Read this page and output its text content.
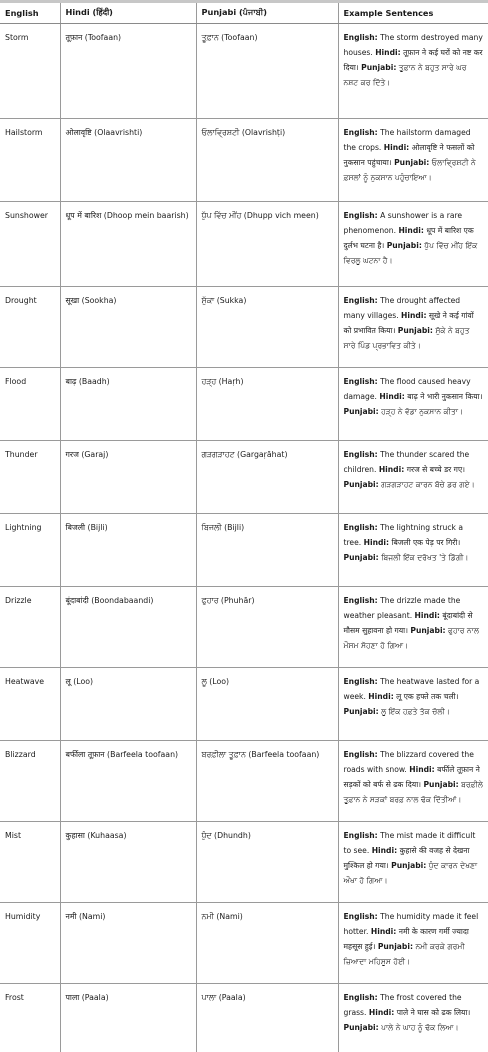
English	Hindi (हिंदी)	Punjabi (ਪੰਜਾਬੀ)	Example Sentences
Storm	तूफ़ान (Toofaan)	ਤੂਫ਼ਾਨ (Toofaan)	English: The storm destroyed many houses. Hindi: तूफ़ान ने कई घरों को नष्ट कर दिया। Punjabi: ਤੂਫ਼ਾਨ ਨੇ ਬਹੁਤ ਸਾਰੇ ਘਰ ਨਸ਼ਟ ਕਰ ਦਿੱਤੇ।
Hailstorm	ओलावृष्टि (Olaavrishti)	ਓਲਾਵ੍ਰਿਸ਼ਟੀ (Olavrishṭi)	English: The hailstorm damaged the crops. Hindi: ओलावृष्टि ने फसलों को नुकसान पहुंचाया। Punjabi: ਓਲਾਵ੍ਰਿਸ਼ਟੀ ਨੇ ਫ਼ਸਲਾਂ ਨੂੰ ਨੁਕਸਾਨ ਪਹੁੰਚਾਇਆ।
Sunshower	धूप में बारिश (Dhoop mein baarish)	ਧੁੱਪ ਵਿੱਚ ਮੀਂਹ (Dhupp vich meen)	English: A sunshower is a rare phenomenon. Hindi: धूप में बारिश एक दुर्लभ घटना है। Punjabi: ਧੁੱਪ ਵਿੱਚ ਮੀਂਹ ਇੱਕ ਵਿਰਲੂ ਘਟਨਾ ਹੈ।
Drought	सूखा (Sookha)	ਸੁੱਕਾ (Sukka)	English: The drought affected many villages. Hindi: सूखे ने कई गांवों को प्रभावित किया। Punjabi: ਸੁੱਕੇ ਨੇ ਬਹੁਤ ਸਾਰੇ ਪਿੰਡ ਪ੍ਰਭਾਵਿਤ ਕੀਤੇ।
Flood	बाढ़ (Baadh)	ਹੜ੍ਹ (Haṛh)	English: The flood caused heavy damage. Hindi: बाढ़ ने भारी नुकसान किया। Punjabi: ਹੜ੍ਹ ਨੇ ਵੱਡਾ ਨੁਕਸਾਨ ਕੀਤਾ।
Thunder	गरज (Garaj)	ਗੜਗੜਾਹਟ (Gargaṛāhat)	English: The thunder scared the children. Hindi: गरज से बच्चे डर गए। Punjabi: ਗੜਗੜਾਹਟ ਕਾਰਨ ਬੱਚੇ ਡਰ ਗਏ।
Lightning	बिजली (Bijli)	ਬਿਜਲੀ (Bijli)	English: The lightning struck a tree. Hindi: बिजली एक पेड़ पर गिरी। Punjabi: ਬਿਜਲੀ ਇੱਕ ਦਰੱਖਤ 'ਤੇ ਡਿੱਗੀ।
Drizzle	बूंदाबांदी (Boondabaandi)	ਫੁਹਾਰ (Phuhār)	English: The drizzle made the weather pleasant. Hindi: बूंदाबांदी से मौसम सुहावना हो गया। Punjabi: ਫੁਹਾਰ ਨਾਲ ਮੌਸਮ ਸੋਹਣਾ ਹੋ ਗਿਆ।
Heatwave	लू (Loo)	ਲੂ (Loo)	English: The heatwave lasted for a week. Hindi: लू एक हफ्ते तक चली। Punjabi: ਲੂ ਇੱਕ ਹਫ਼ਤੇ ਤੱਕ ਚੱਲੀ।
Blizzard	बर्फीला तूफ़ान (Barfeela toofaan)	ਬਰਫ਼ੀਲਾ ਤੂਫ਼ਾਨ (Barfeela toofaan)	English: The blizzard covered the roads with snow. Hindi: बर्फीले तूफ़ान ने सड़कों को बर्फ से ढक दिया। Punjabi: ਬਰਫ਼ੀਲੇ ਤੂਫ਼ਾਨ ਨੇ ਸੜਕਾਂ ਬਰਫ਼ ਨਾਲ ਢੱਕ ਦਿੱਤੀਆਂ।
Mist	कुहासा (Kuhaasa)	ਧੁੰਦ (Dhundh)	English: The mist made it difficult to see. Hindi: कुहासे की वजह से देखना मुश्किल हो गया। Punjabi: ਧੁੰਦ ਕਾਰਨ ਦੇਖਣਾ ਔਖਾ ਹੋ ਗਿਆ।
Humidity	नमी (Nami)	ਨਮੀ (Nami)	English: The humidity made it feel hotter. Hindi: नमी के कारण गर्मी ज्यादा महसूस हुई। Punjabi: ਨਮੀ ਕਰਕੇ ਗਰਮੀ ਜ਼ਿਆਦਾ ਮਹਿਸੂਸ ਹੋਈ।
Frost	पाला (Paala)	ਪਾਲਾ (Paala)	English: The frost covered the grass. Hindi: पाले ने घास को ढक लिया। Punjabi: ਪਾਲੇ ਨੇ ਘਾਹ ਨੂੰ ਢੱਕ ਲਿਆ।
